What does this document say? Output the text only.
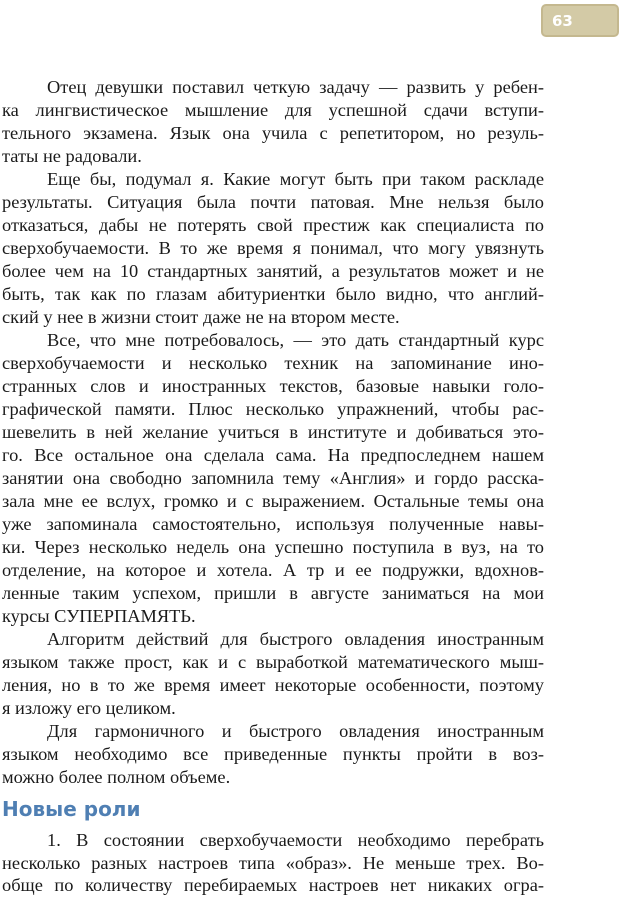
63
Отец девушки поставил четкую задачу — развить у ребен-
ка лингвистическое мышление для успешной сдачи вступи-
тельного экзамена. Язык она учила с репетитором, но резуль-
таты не радовали.
Еще бы, подумал я. Какие могут быть при таком раскладе
результаты. Ситуация была почти патовая. Мне нельзя было
отказаться, дабы не потерять свой престиж как специалиста по
сверхобучаемости. В то же время я понимал, что могу увязнуть
более чем на 10 стандартных занятий, а результатов может и не
быть, так как по глазам абитуриентки было видно, что англий-
ский у нее в жизни стоит даже не на втором месте.
Все, что мне потребовалось, — это дать стандартный курс
сверхобучаемости и несколько техник на запоминание ино-
странных слов и иностранных текстов, базовые навыки голо-
графической памяти. Плюс несколько упражнений, чтобы рас-
шевелить в ней желание учиться в институте и добиваться это-
го. Все остальное она сделала сама. На предпоследнем нашем
занятии она свободно запомнила тему «Англия» и гордо расска-
зала мне ее вслух, громко и с выражением. Остальные темы она
уже запоминала самостоятельно, используя полученные навы-
ки. Через несколько недель она успешно поступила в вуз, на то
отделение, на которое и хотела. А тр и ее подружки, вдохнов-
ленные таким успехом, пришли в августе заниматься на мои
курсы СУПЕРПАМЯТЬ.
Алгоритм действий для быстрого овладения иностранным
языком также прост, как и с выработкой математического мыш-
ления, но в то же время имеет некоторые особенности, поэтому
я изложу его целиком.
Для гармоничного и быстрого овладения иностранным
языком необходимо все приведенные пункты пройти в воз-
можно более полном объеме.
Новые роли
1. В состоянии сверхобучаемости необходимо перебрать
несколько разных настроев типа «образ». Не меньше трех. Во-
обще по количеству перебираемых настроев нет никаких огра-
